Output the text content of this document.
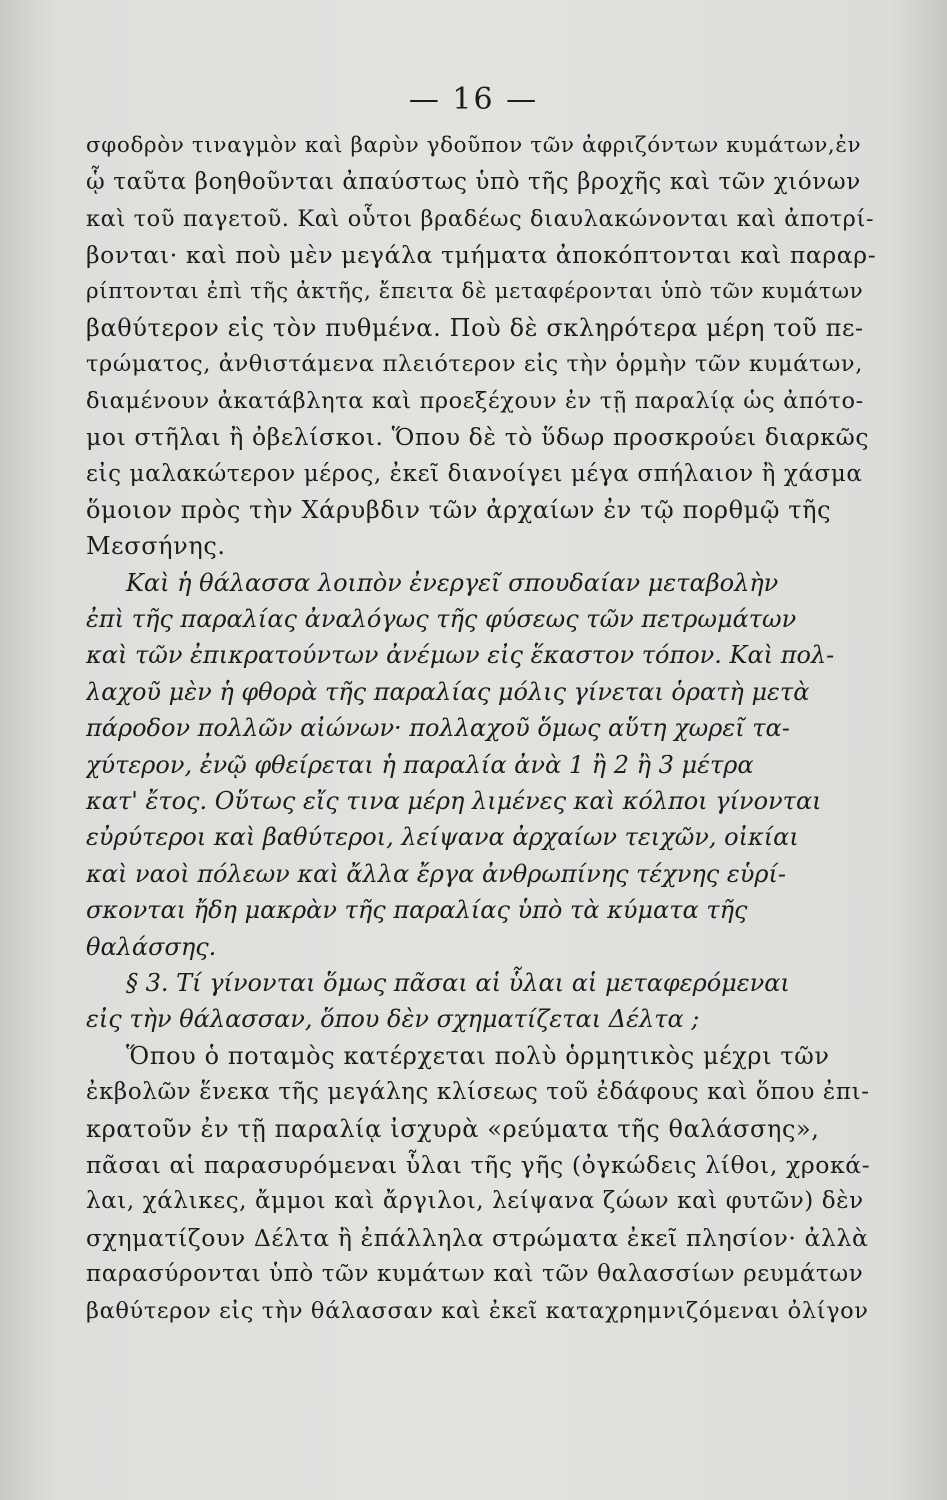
— 16 —
σφοδρὸν τιναγμὸν καὶ βαρὺν γδοῦπον τῶν ἀφριζόντων κυμάτων,ἐν
ᾧ ταῦτα βοηθοῦνται ἀπαύστως ὑπὸ τῆς βροχῆς καὶ τῶν χιόνων
καὶ τοῦ παγετοῦ. Καὶ οὗτοι βραδέως διαυλακώνονται καὶ ἀποτρί-
βονται· καὶ ποὺ μὲν μεγάλα τμήματα ἀποκόπτονται καὶ παραρ-
ρίπτονται ἐπὶ τῆς ἀκτῆς, ἔπειτα δὲ μεταφέρονται ὑπὸ τῶν κυμάτων
βαθύτερον εἰς τὸν πυθμένα. Ποὺ δὲ σκληρότερα μέρη τοῦ πε-
τρώματος, ἀνθιστάμενα πλειότερον εἰς τὴν ὁρμὴν τῶν κυμάτων,
διαμένουν ἀκατάβλητα καὶ προεξέχουν ἐν τῇ παραλίᾳ ὡς ἀπότο-
μοι στῆλαι ἢ ὀβελίσκοι. Ὅπου δὲ τὸ ὕδωρ προσκρούει διαρκῶς
εἰς μαλακώτερον μέρος, ἐκεῖ διανοίγει μέγα σπήλαιον ἢ χάσμα
ὅμοιον πρὸς τὴν Χάρυβδιν τῶν ἀρχαίων ἐν τῷ πορθμῷ τῆς
Μεσσήνης.
Καὶ ἡ θάλασσα λοιπὸν ἐνεργεῖ σπουδαίαν μεταβολὴν
ἐπὶ τῆς παραλίας ἀναλόγως τῆς φύσεως τῶν πετρωμάτων
καὶ τῶν ἐπικρατούντων ἀνέμων εἰς ἕκαστον τόπον. Καὶ πολ-
λαχοῦ μὲν ἡ φθορὰ τῆς παραλίας μόλις γίνεται ὁρατὴ μετὰ
πάροδον πολλῶν αἰώνων· πολλαχοῦ ὅμως αὕτη χωρεῖ τα-
χύτερον, ἐνῷ φθείρεται ἡ παραλία ἀνὰ 1 ἢ 2 ἢ 3 μέτρα
κατ' ἔτος. Οὕτως εἴς τινα μέρη λιμένες καὶ κόλποι γίνονται
εὐρύτεροι καὶ βαθύτεροι, λείψανα ἀρχαίων τειχῶν, οἰκίαι
καὶ ναοὶ πόλεων καὶ ἄλλα ἔργα ἀνθρωπίνης τέχνης εὑρί-
σκονται ἤδη μακρὰν τῆς παραλίας ὑπὸ τὰ κύματα τῆς
θαλάσσης.
§ 3. Τί γίνονται ὅμως πᾶσαι αἱ ὗλαι αἱ μεταφερόμεναι
εἰς τὴν θάλασσαν, ὅπου δὲν σχηματίζεται Δέλτα ;
Ὅπου ὁ ποταμὸς κατέρχεται πολὺ ὁρμητικὸς μέχρι τῶν
ἐκβολῶν ἕνεκα τῆς μεγάλης κλίσεως τοῦ ἐδάφους καὶ ὅπου ἐπι-
κρατοῦν ἐν τῇ παραλίᾳ ἰσχυρὰ «ρεύματα τῆς θαλάσσης»,
πᾶσαι αἱ παρασυρόμεναι ὗλαι τῆς γῆς (ὀγκώδεις λίθοι, χροκά-
λαι, χάλικες, ἄμμοι καὶ ἄργιλοι, λείψανα ζώων καὶ φυτῶν) δὲν
σχηματίζουν Δέλτα ἢ ἐπάλληλα στρώματα ἐκεῖ πλησίον· ἀλλὰ
παρασύρονται ὑπὸ τῶν κυμάτων καὶ τῶν θαλασσίων ρευμάτων
βαθύτερον εἰς τὴν θάλασσαν καὶ ἐκεῖ καταχρημνιζόμεναι ὀλίγον
